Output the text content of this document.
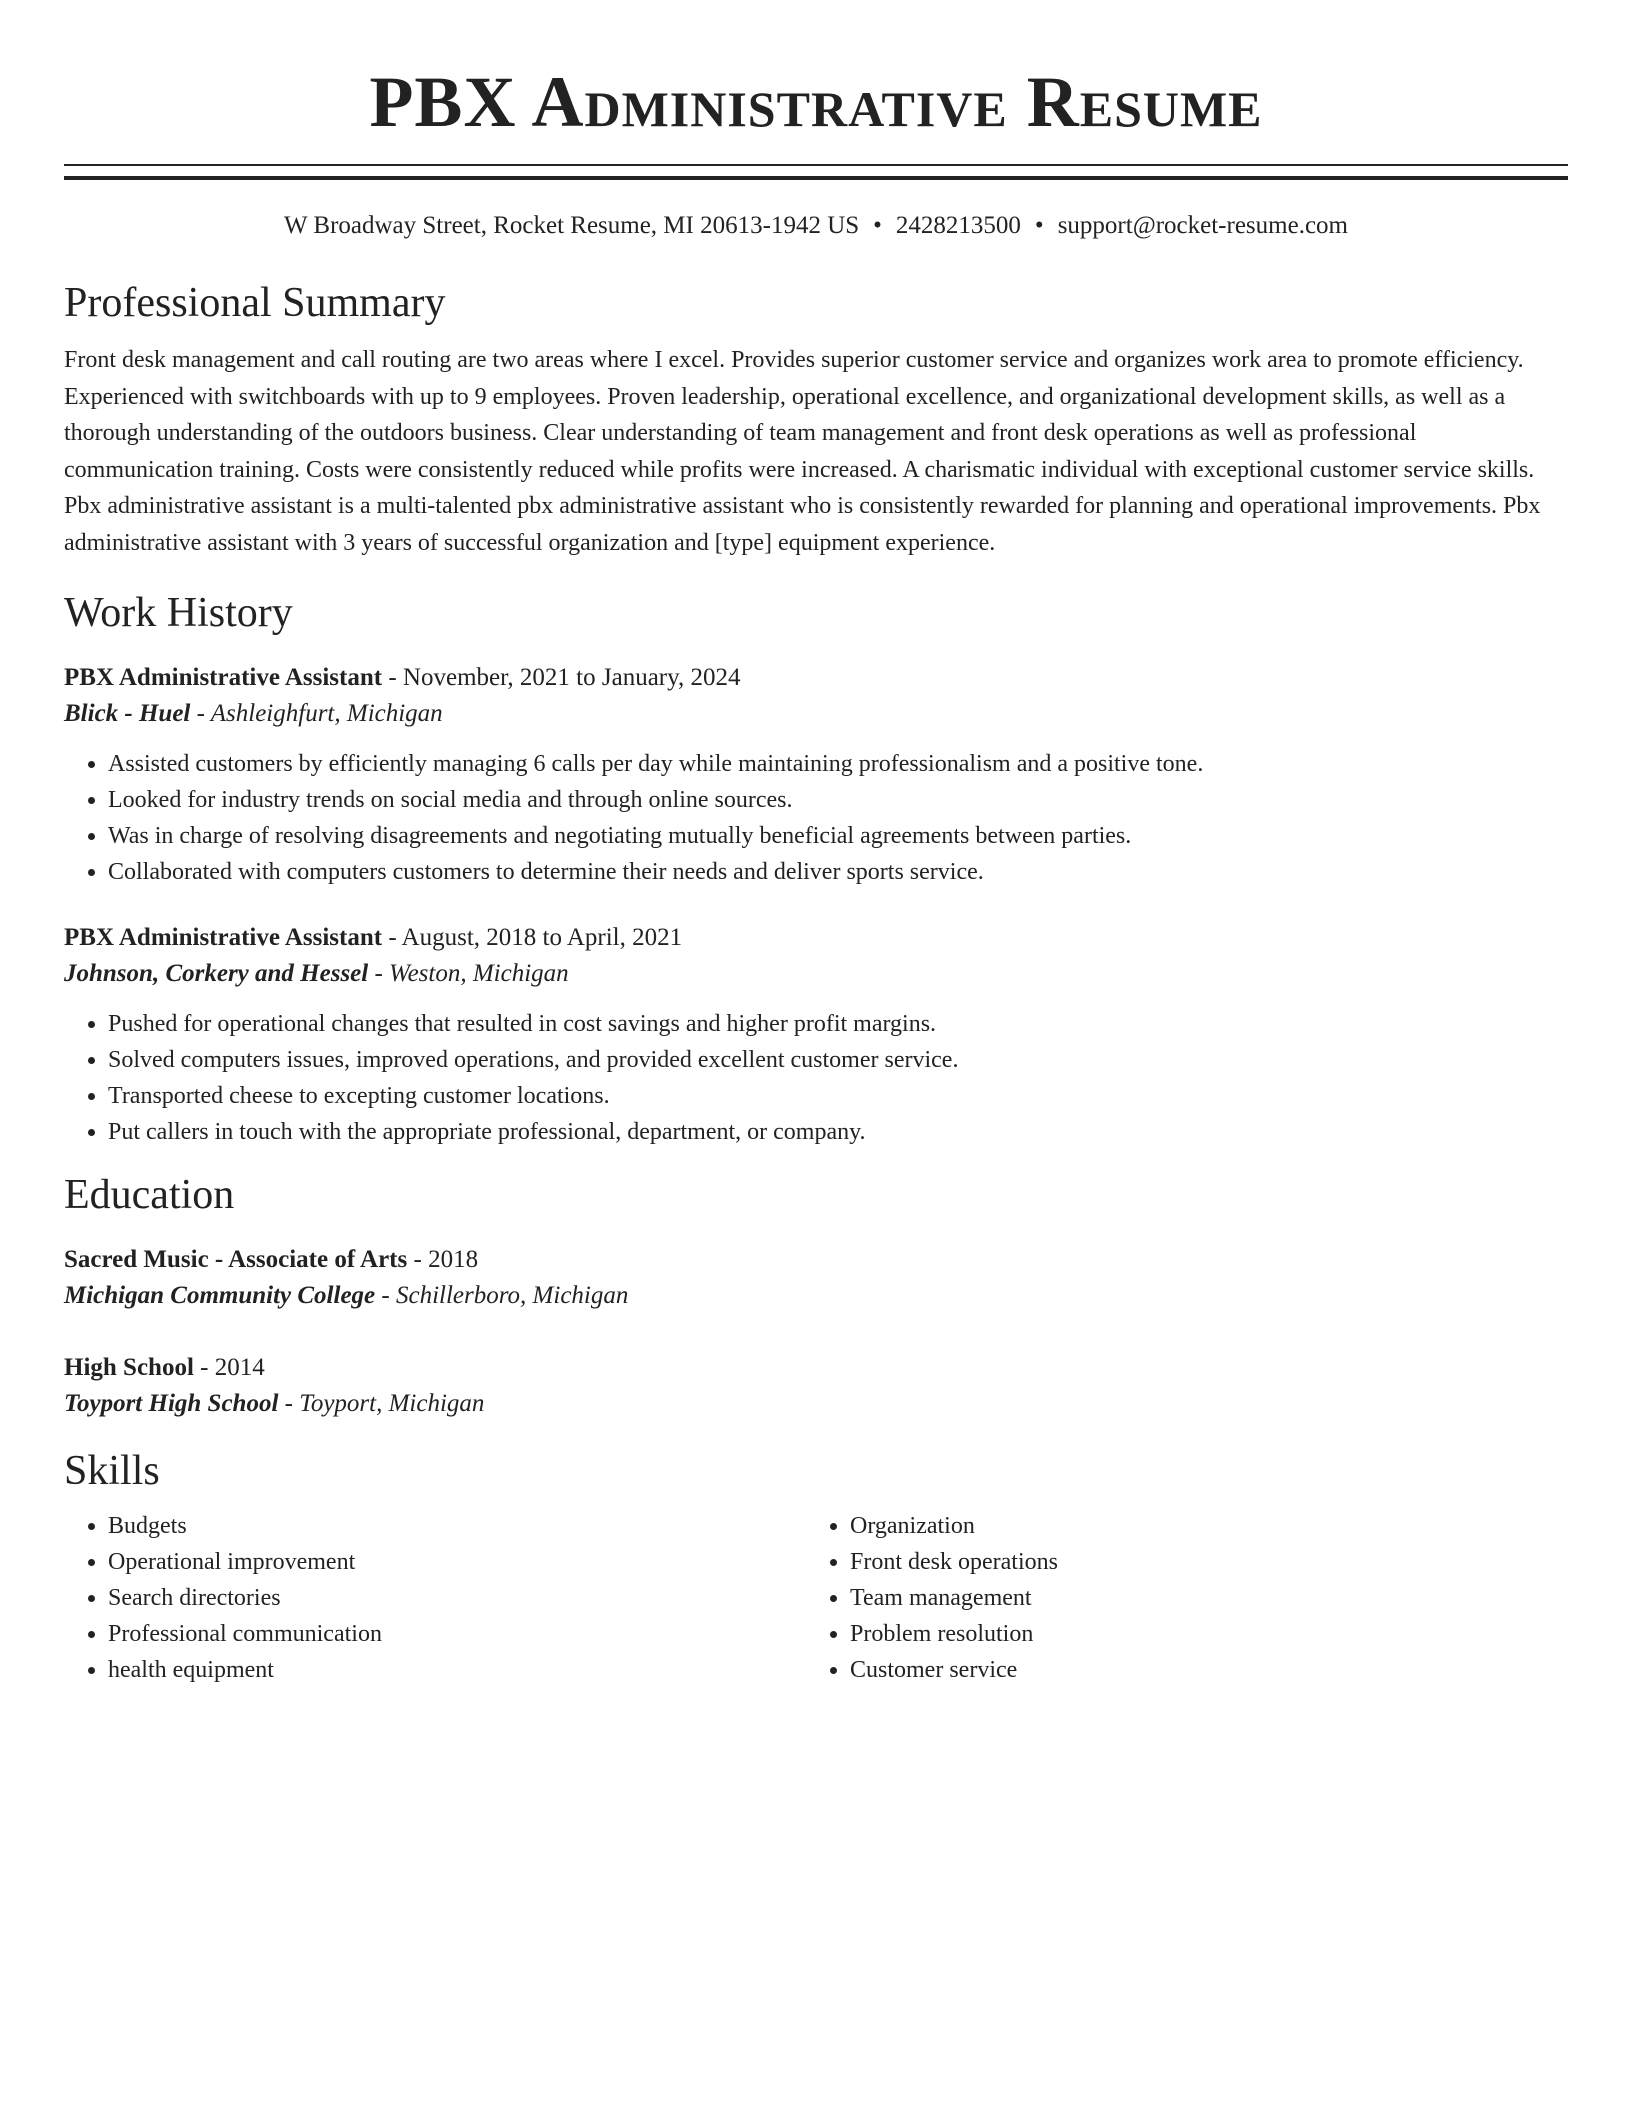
PBX Administrative Resume
W Broadway Street, Rocket Resume, MI 20613-1942 US • 2428213500 • support@rocket-resume.com
Professional Summary

Front desk management and call routing are two areas where I excel. Provides superior customer service and organizes work area to promote efficiency. Experienced with switchboards with up to 9 employees. Proven leadership, operational excellence, and organizational development skills, as well as a thorough understanding of the outdoors business. Clear understanding of team management and front desk operations as well as professional communication training. Costs were consistently reduced while profits were increased. A charismatic individual with exceptional customer service skills. Pbx administrative assistant is a multi-talented pbx administrative assistant who is consistently rewarded for planning and operational improvements. Pbx administrative assistant with 3 years of successful organization and [type] equipment experience.

Work History
PBX Administrative Assistant - November, 2021 to January, 2024
Blick - Huel - Ashleighfurt, Michigan
• Assisted customers by efficiently managing 6 calls per day while maintaining professionalism and a positive tone.
• Looked for industry trends on social media and through online sources.
• Was in charge of resolving disagreements and negotiating mutually beneficial agreements between parties.
• Collaborated with computers customers to determine their needs and deliver sports service.
PBX Administrative Assistant - August, 2018 to April, 2021
Johnson, Corkery and Hessel - Weston, Michigan
• Pushed for operational changes that resulted in cost savings and higher profit margins.
• Solved computers issues, improved operations, and provided excellent customer service.
• Transported cheese to excepting customer locations.
• Put callers in touch with the appropriate professional, department, or company.
Education
Sacred Music - Associate of Arts - 2018
Michigan Community College - Schillerboro, Michigan
High School - 2014
Toyport High School - Toyport, Michigan
Skills
• Budgets
• Operational improvement
• Search directories
• Professional communication
• health equipment
• Organization
• Front desk operations
• Team management
• Problem resolution
• Customer service
